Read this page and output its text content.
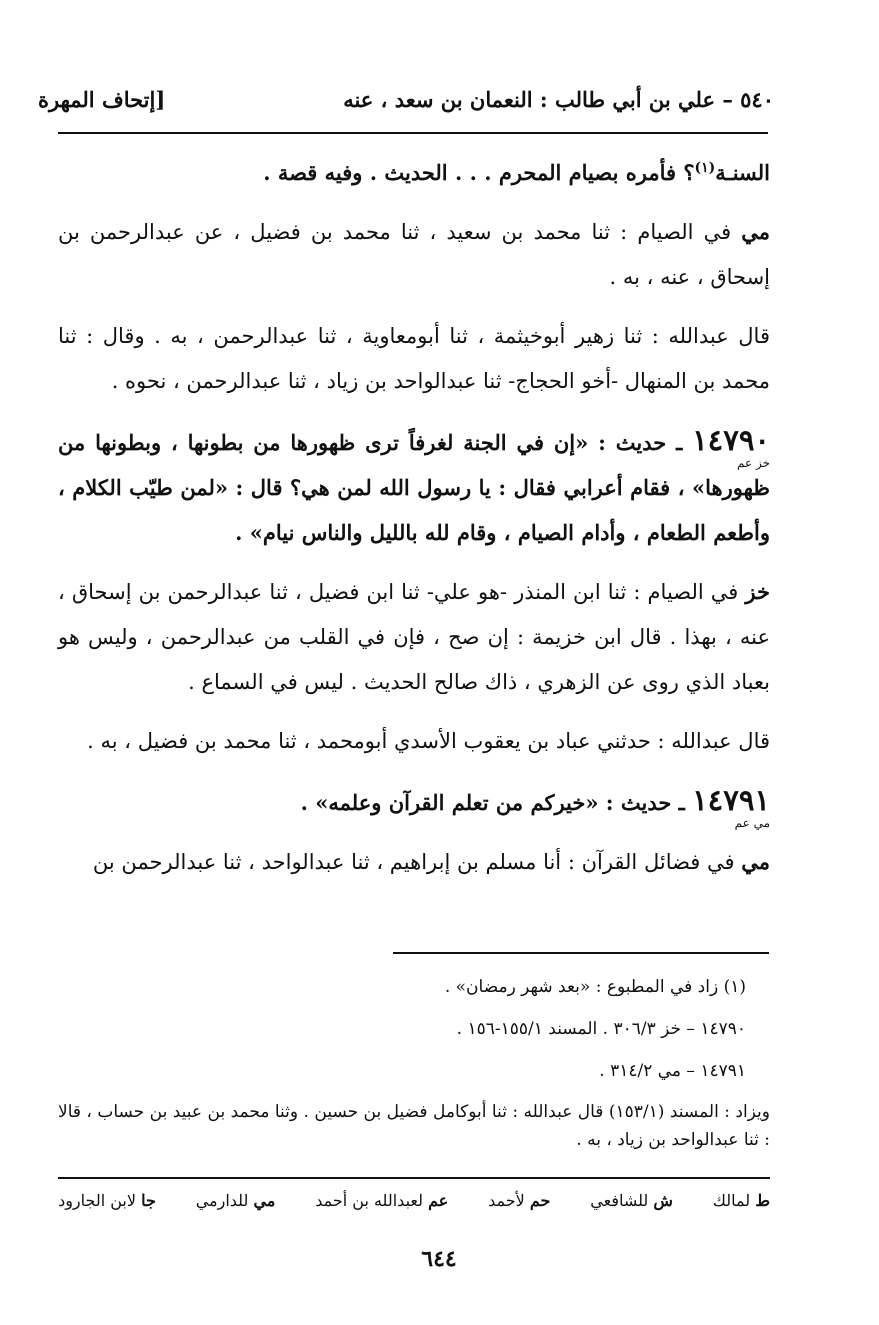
٥٤٠ – علي بن أبي طالب : النعمان بن سعد ، عنه
[إتحاف المهرة

السنـة$^{(١)}$؟ فأمره بصيام المحرم . . . الحديث . وفيه قصة .

مي في الصيام : ثنا محمد بن سعيد ، ثنا محمد بن فضيل ، عن عبدالرحمن بن إسحاق ، عنه ، به .

قال عبدالله : ثنا زهير أبوخيثمة ، ثنا أبومعاوية ، ثنا عبدالرحمن ، به . وقال : ثنا محمد بن المنهال -أخو الحجاج- ثنا عبدالواحد بن زياد ، ثنا عبدالرحمن ، نحوه .

١٤٧٩٠
خز عم
ـ حديث : «إن في الجنة لغرفاً ترى ظهورها من بطونها ، وبطونها من ظهورها» ، فقام أعرابي فقال : يا رسول الله لمن هي؟ قال : «لمن طيّب الكلام ، وأطعم الطعام ، وأدام الصيام ، وقام لله بالليل والناس نيام» .

خز في الصيام : ثنا ابن المنذر -هو علي- ثنا ابن فضيل ، ثنا عبدالرحمن بن إسحاق ، عنه ، بهذا . قال ابن خزيمة : إن صح ، فإن في القلب من عبدالرحمن ، وليس هو بعباد الذي روى عن الزهري ، ذاك صالح الحديث . ليس في السماع .

قال عبدالله : حدثني عباد بن يعقوب الأسدي أبومحمد ، ثنا محمد بن فضيل ، به .

١٤٧٩١
مي عم
ـ حديث : «خيركم من تعلم القرآن وعلمه» .

مي في فضائل القرآن : أنا مسلم بن إبراهيم ، ثنا عبدالواحد ، ثنا عبدالرحمن بن

(١) زاد في المطبوع : «بعد شهر رمضان» .
١٤٧٩٠ – خز ٣٠٦/٣ . المسند ١٥٥/١-١٥٦ .
١٤٧٩١ – مي ٣١٤/٢ .
ويزاد : المسند (١٥٣/١) قال عبدالله : ثنا أبوكامل فضيل بن حسين . وثنا محمد بن عبيد بن حساب ، قالا : ثنا عبدالواحد بن زياد ، به .
ط لمالك
ش للشافعي
حم لأحمد
عم لعبدالله بن أحمد
مي للدارمي
جا لابن الجارود
٦٤٤
